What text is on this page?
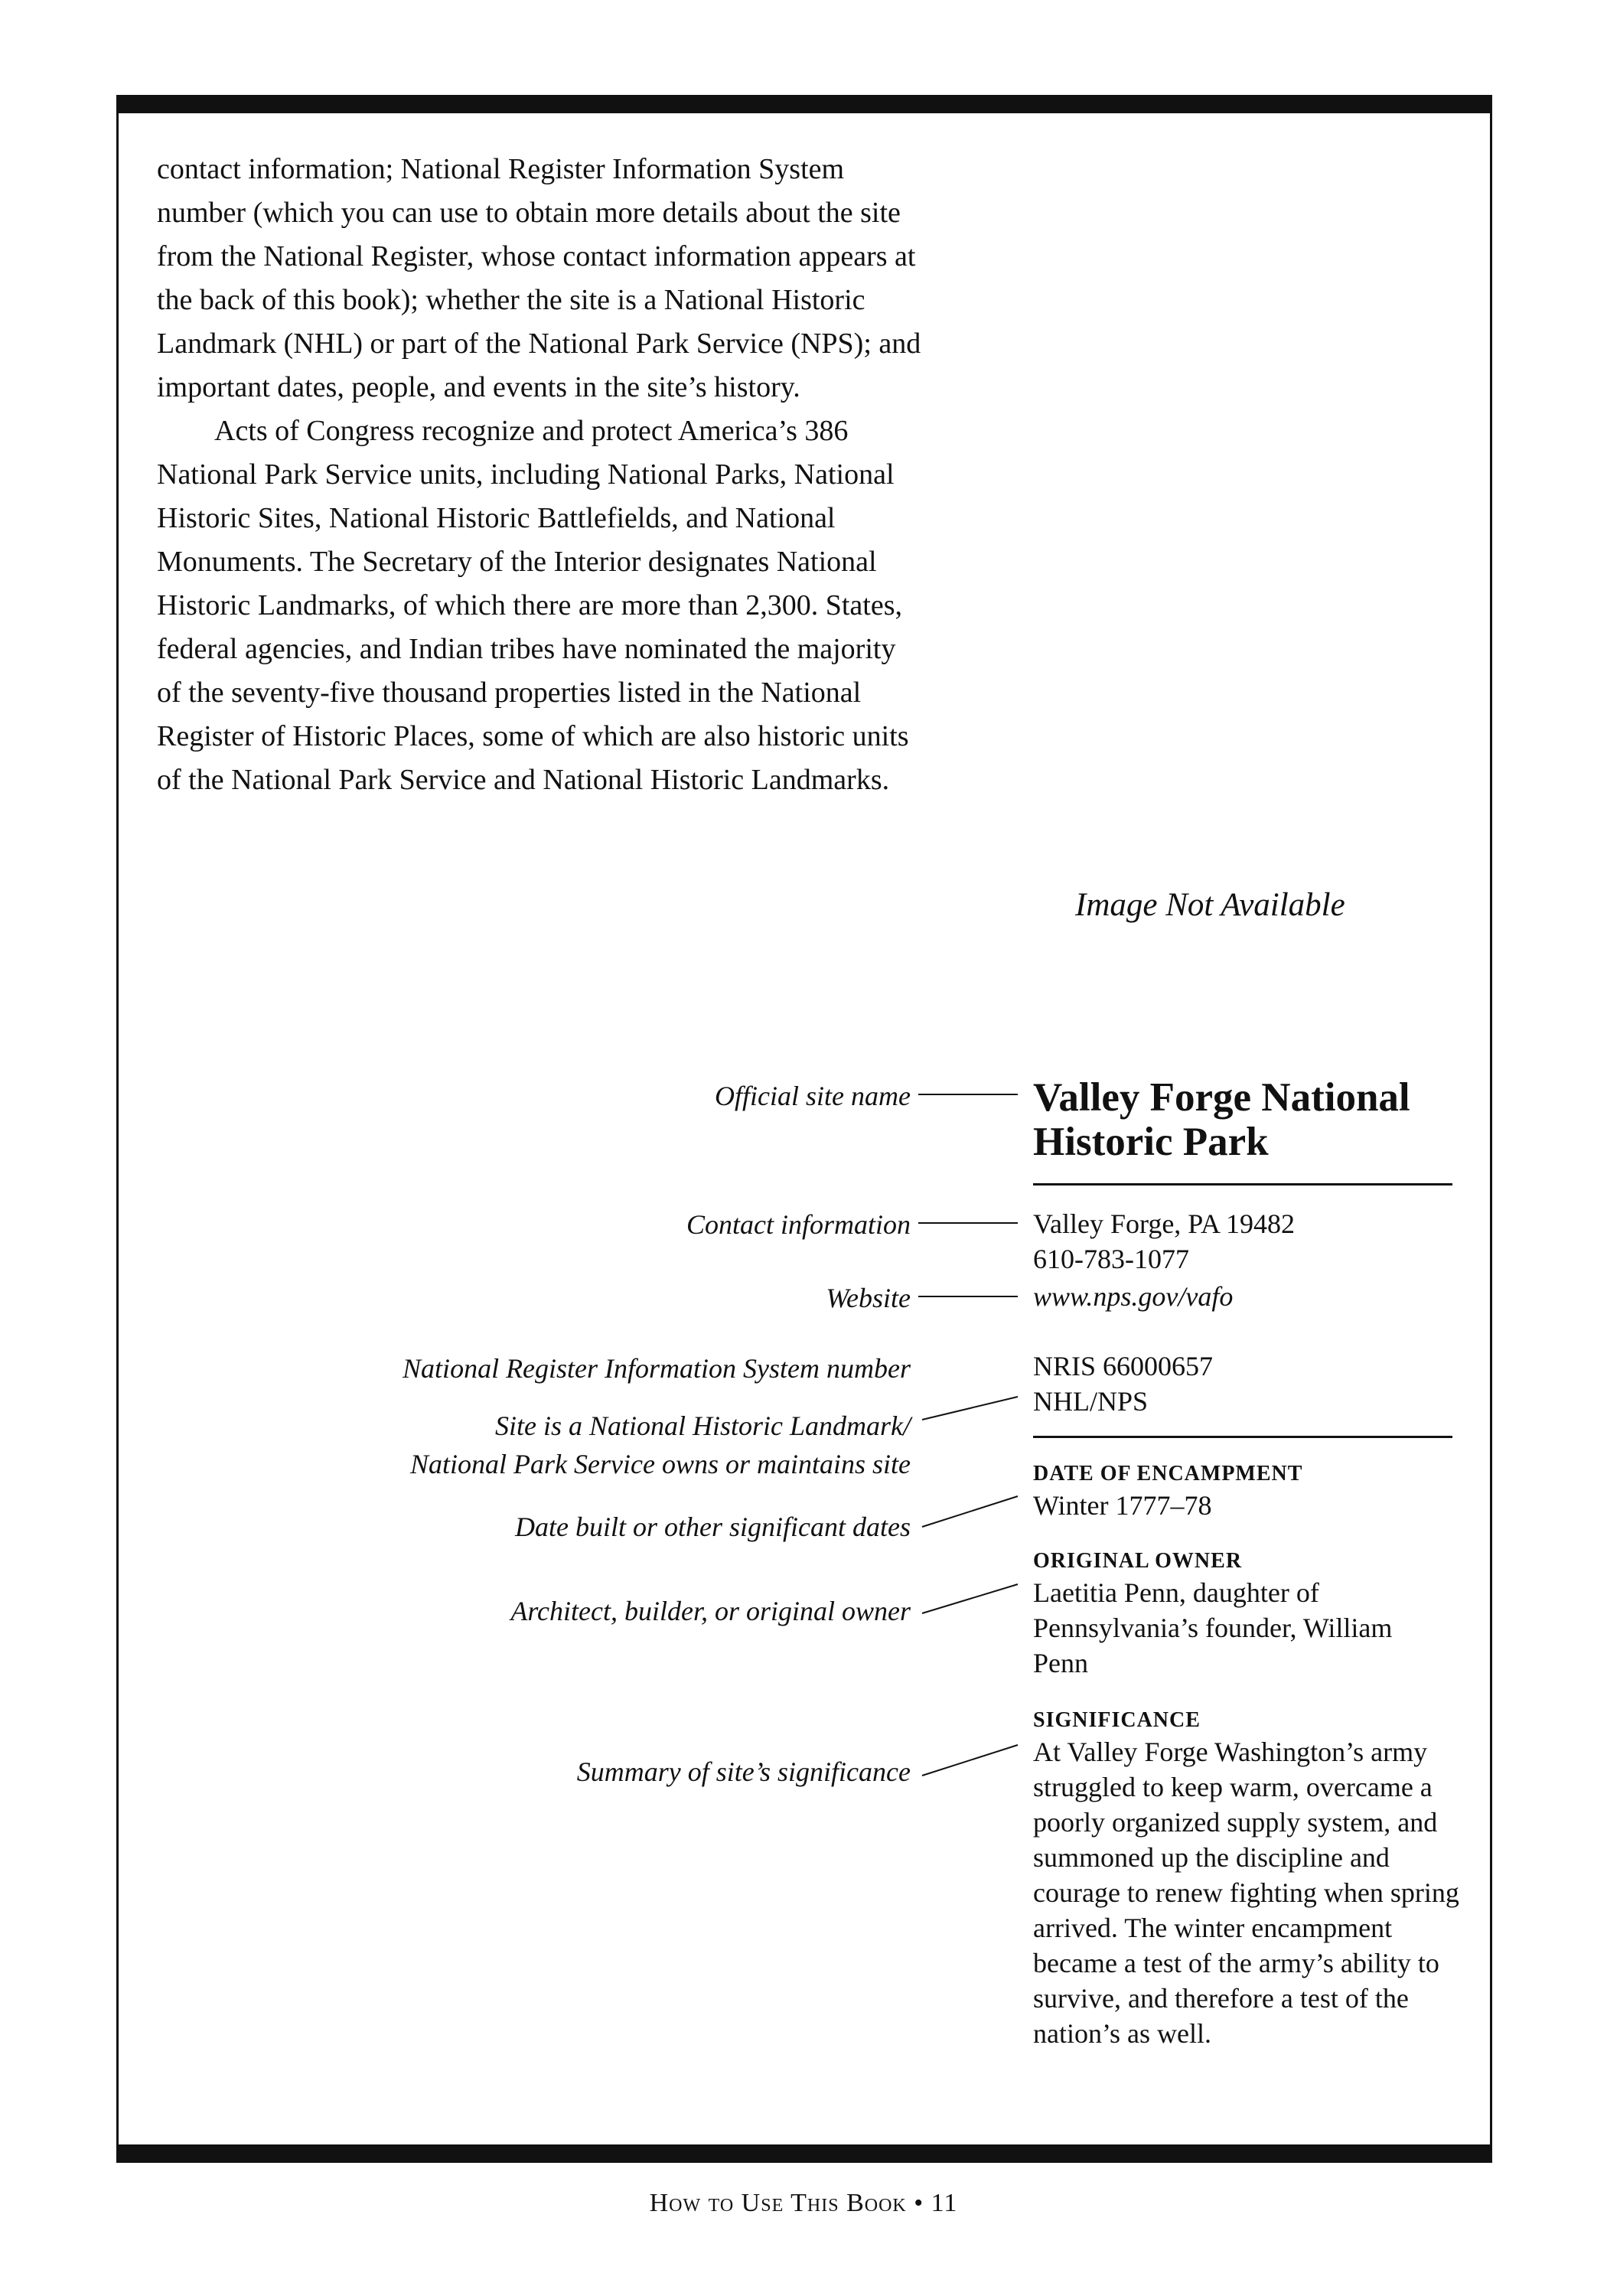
contact information; National Register Information System number (which you can use to obtain more details about the site from the National Register, whose contact information appears at the back of this book); whether the site is a National Historic Landmark (NHL) or part of the National Park Service (NPS); and important dates, people, and events in the site’s history.

Acts of Congress recognize and protect America’s 386 National Park Service units, including National Parks, National Historic Sites, National Historic Battlefields, and National Monuments. The Secretary of the Interior designates National Historic Landmarks, of which there are more than 2,300. States, federal agencies, and Indian tribes have nominated the majority of the seventy-five thousand properties listed in the National Register of Historic Places, some of which are also historic units of the National Park Service and National Historic Landmarks.

Image Not Available
Official site name
Contact information
Website
National Register Information System number
Site is a National Historic Landmark/
National Park Service owns or maintains site
Date built or other significant dates
Architect, builder, or original owner
Summary of site’s significance
Valley Forge National Historic Park
Valley Forge, PA 19482
610-783-1077
www.nps.gov/vafo
NRIS 66000657
NHL/NPS
DATE OF ENCAMPMENT
Winter 1777–78
ORIGINAL OWNER
Laetitia Penn, daughter of Pennsylvania’s founder, William Penn
SIGNIFICANCE
At Valley Forge Washington’s army struggled to keep warm, overcame a poorly organized supply system, and summoned up the discipline and courage to renew fighting when spring arrived. The winter encampment became a test of the army’s ability to survive, and therefore a test of the nation’s as well.
How to Use This Book • 11
